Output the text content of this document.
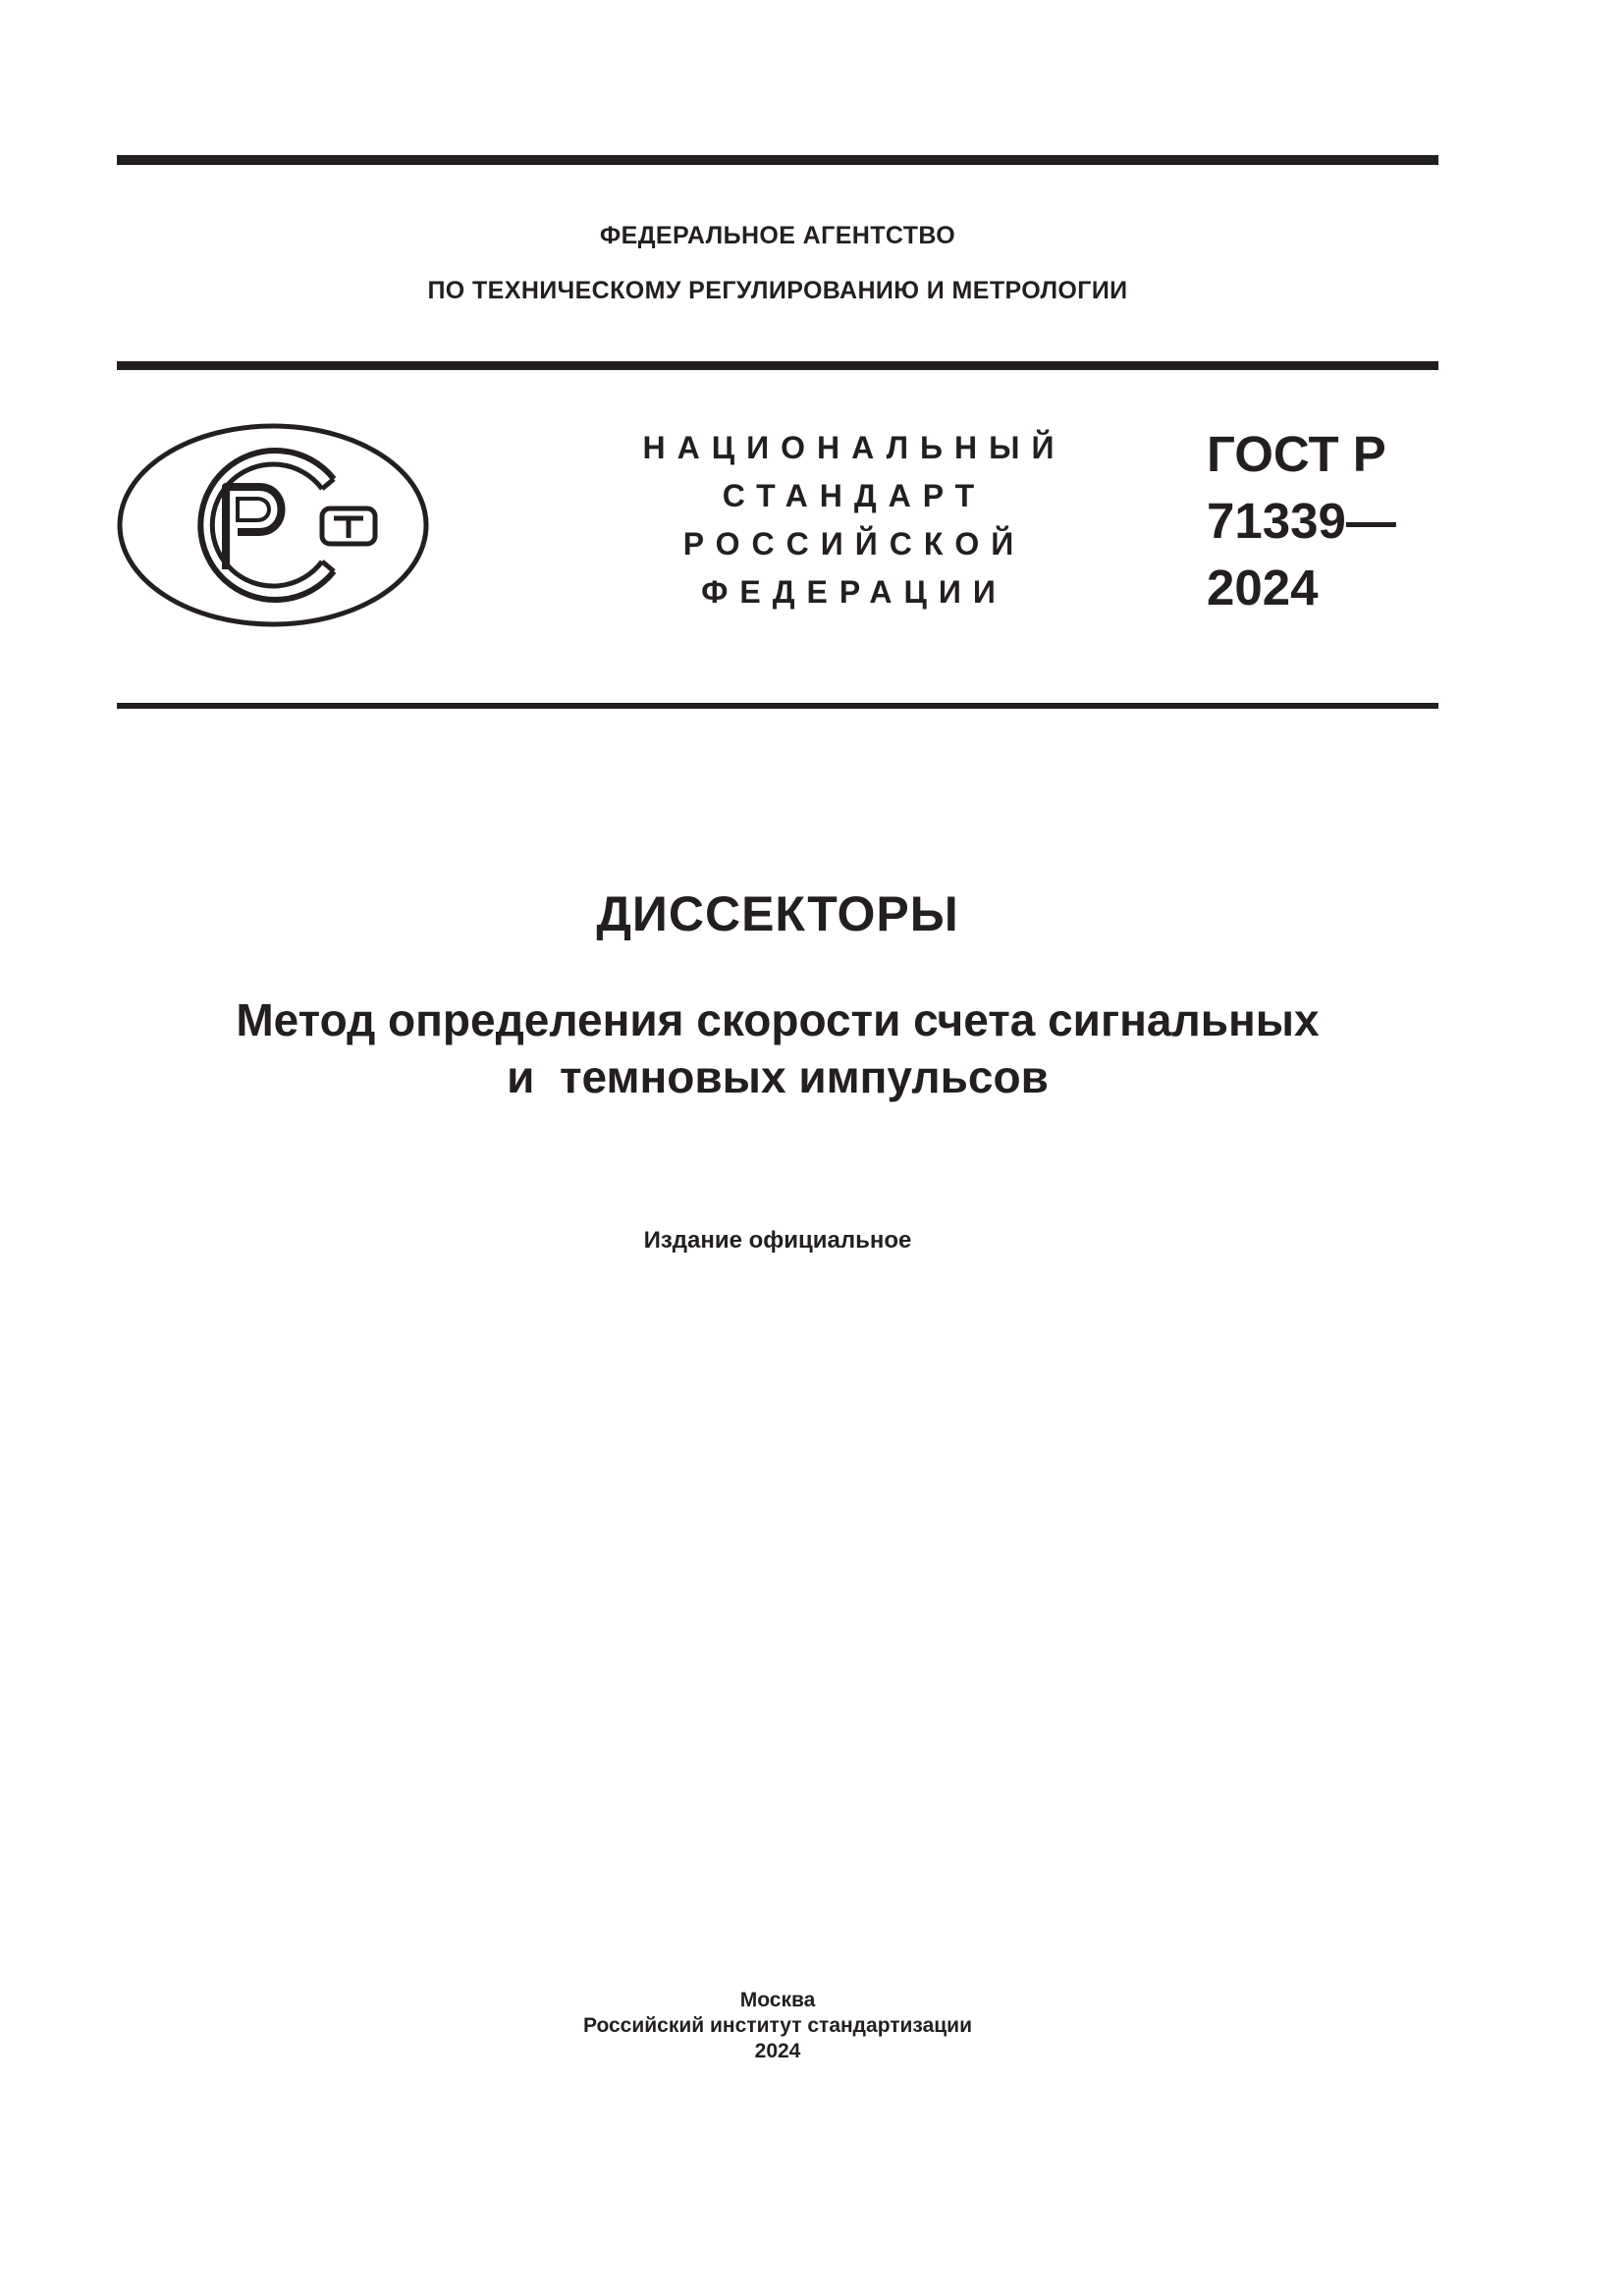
ФЕДЕРАЛЬНОЕ АГЕНТСТВО
ПО ТЕХНИЧЕСКОМУ РЕГУЛИРОВАНИЮ И МЕТРОЛОГИИ
НАЦИОНАЛЬНЫЙ
СТАНДАРТ
РОССИЙСКОЙ
ФЕДЕРАЦИИ
ГОСТ Р
71339—
2024
ДИССЕКТОРЫ
Метод определения скорости счета сигнальных
и  темновых импульсов
Издание официальное
Москва
Российский институт стандартизации
2024
